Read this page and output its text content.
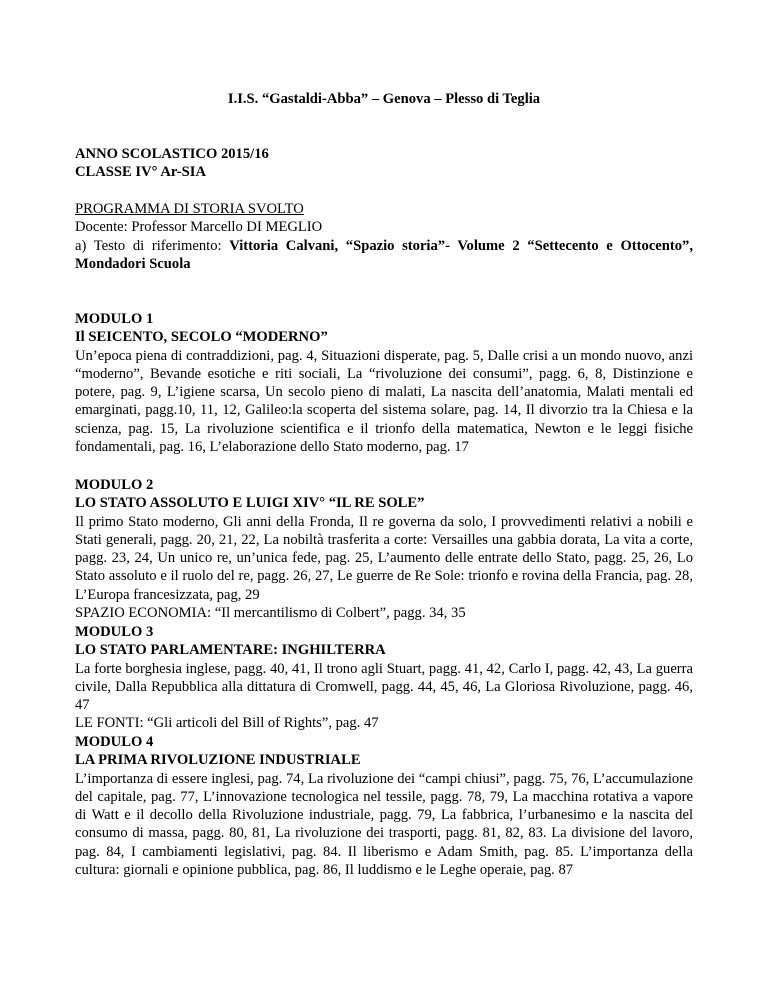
I.I.S. “Gastaldi-Abba” – Genova – Plesso di Teglia

ANNO SCOLASTICO 2015/16

CLASSE IV° Ar-SIA

PROGRAMMA DI STORIA SVOLTO

Docente: Professor Marcello DI MEGLIO

a) Testo di riferimento: Vittoria Calvani, “Spazio storia”- Volume 2 “Settecento e Ottocento”, Mondadori Scuola

MODULO 1

Il SEICENTO, SECOLO “MODERNO”

Un’epoca piena di contraddizioni, pag. 4, Situazioni disperate, pag. 5, Dalle crisi a un mondo nuovo, anzi “moderno”, Bevande esotiche e riti sociali, La “rivoluzione dei consumi”, pagg. 6, 8, Distinzione e potere, pag. 9, L’igiene scarsa, Un secolo pieno di malati, La nascita dell’anatomia, Malati mentali ed emarginati, pagg.10, 11, 12, Galileo:la scoperta del sistema solare, pag. 14, Il divorzio tra la Chiesa e la scienza, pag. 15, La rivoluzione scientifica e il trionfo della matematica, Newton e le leggi fisiche fondamentali, pag. 16, L’elaborazione dello Stato moderno, pag. 17

MODULO 2

LO STATO ASSOLUTO E LUIGI XIV° “IL RE SOLE”

Il primo Stato moderno, Gli anni della Fronda, Il re governa da solo, I provvedimenti relativi a nobili e Stati generali, pagg. 20, 21, 22, La nobiltà trasferita a corte: Versailles una gabbia dorata, La vita a corte, pagg. 23, 24, Un unico re, un’unica fede, pag. 25, L’aumento delle entrate dello Stato, pagg. 25, 26, Lo Stato assoluto e il ruolo del re, pagg. 26, 27, Le guerre de Re Sole: trionfo e rovina della Francia, pag. 28, L’Europa francesizzata, pag, 29

SPAZIO ECONOMIA: “Il mercantilismo di Colbert”, pagg. 34, 35

MODULO 3

LO STATO PARLAMENTARE: INGHILTERRA

La forte borghesia inglese, pagg. 40, 41, Il trono agli Stuart, pagg. 41, 42, Carlo I, pagg. 42, 43, La guerra civile, Dalla Repubblica alla dittatura di Cromwell, pagg. 44, 45, 46, La Gloriosa Rivoluzione, pagg. 46, 47

LE FONTI: “Gli articoli del Bill of Rights”, pag. 47

MODULO 4

LA PRIMA RIVOLUZIONE INDUSTRIALE

L’importanza di essere inglesi, pag. 74, La rivoluzione dei “campi chiusi”, pagg. 75, 76, L’accumulazione del capitale, pag. 77, L’innovazione tecnologica nel tessile, pagg. 78, 79, La macchina rotativa a vapore di Watt e il decollo della Rivoluzione industriale, pagg. 79, La fabbrica, l’urbanesimo e la nascita del consumo di massa, pagg. 80, 81, La rivoluzione dei trasporti, pagg. 81, 82, 83. La divisione del lavoro, pag. 84, I cambiamenti legislativi, pag. 84. Il liberismo e Adam Smith, pag. 85. L’importanza della cultura: giornali e opinione pubblica, pag. 86, Il luddismo e le Leghe operaie, pag. 87
